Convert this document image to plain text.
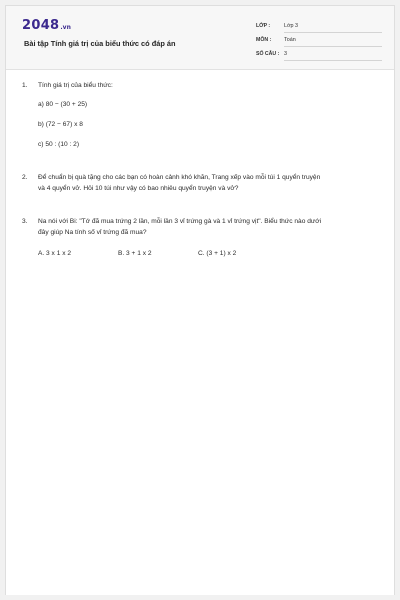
2048.vn
Bài tập Tính giá trị của biểu thức có đáp án
LỚP :	Lớp 3
MÔN : Toán
SỐ CÂU : 3
1.	Tính giá trị của biểu thức:
a) 80 − (30 + 25)
b) (72 − 67) x 8
c) 50 : (10 : 2)
2.	Để chuẩn bị quà tặng cho các bạn có hoàn cảnh khó khăn, Trang xếp vào mỗi túi 1 quyển truyện
và 4 quyển vở. Hỏi 10 túi như vậy có bao nhiêu quyển truyện và vở?
3.	Na nói với Bi: "Tớ đã mua trứng 2 lần, mỗi lần 3 vỉ trứng gà và 1 vỉ trứng vịt". Biểu thức nào dưới
đây giúp Na tính số vỉ trứng đã mua?
A. 3 x 1 x 2	B. 3 + 1 x 2	C. (3 + 1) x 2
